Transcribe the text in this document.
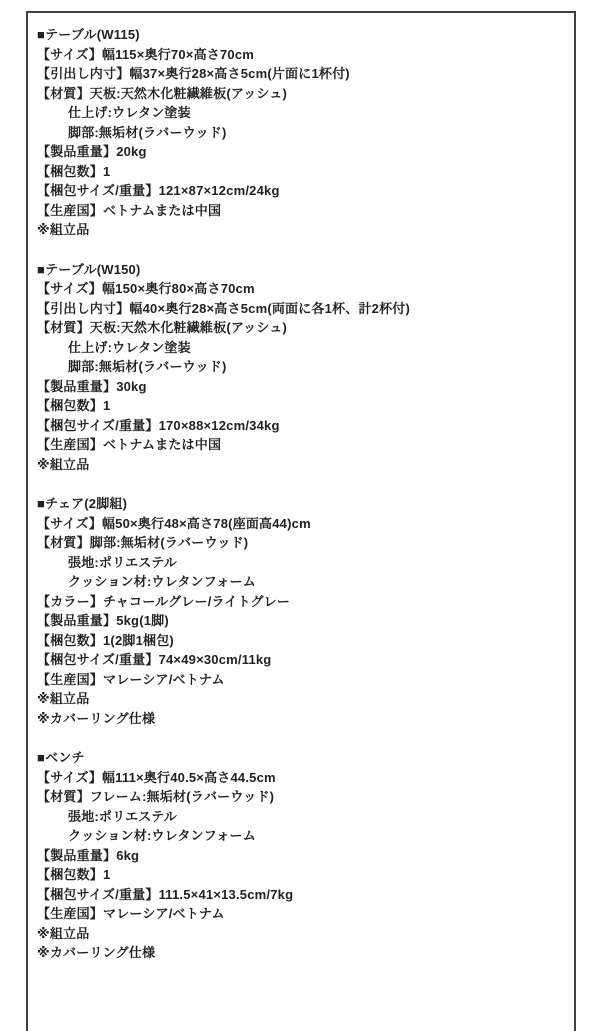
■テーブル(W115)
【サイズ】幅115×奥行70×高さ70cm
【引出し内寸】幅37×奥行28×高さ5cm(片面に1杯付)
【材質】天板:天然木化粧繊維板(アッシュ)
仕上げ:ウレタン塗装
脚部:無垢材(ラバーウッド)
【製品重量】20kg
【梱包数】1
【梱包サイズ/重量】121×87×12cm/24kg
【生産国】ベトナムまたは中国
※組立品
■テーブル(W150)
【サイズ】幅150×奥行80×高さ70cm
【引出し内寸】幅40×奥行28×高さ5cm(両面に各1杯、計2杯付)
【材質】天板:天然木化粧繊維板(アッシュ)
仕上げ:ウレタン塗装
脚部:無垢材(ラバーウッド)
【製品重量】30kg
【梱包数】1
【梱包サイズ/重量】170×88×12cm/34kg
【生産国】ベトナムまたは中国
※組立品
■チェア(2脚組)
【サイズ】幅50×奥行48×高さ78(座面高44)cm
【材質】脚部:無垢材(ラバーウッド)
張地:ポリエステル
クッション材:ウレタンフォーム
【カラー】チャコールグレー/ライトグレー
【製品重量】5kg(1脚)
【梱包数】1(2脚1梱包)
【梱包サイズ/重量】74×49×30cm/11kg
【生産国】マレーシア/ベトナム
※組立品
※カバーリング仕様
■ベンチ
【サイズ】幅111×奥行40.5×高さ44.5cm
【材質】フレーム:無垢材(ラバーウッド)
張地:ポリエステル
クッション材:ウレタンフォーム
【製品重量】6kg
【梱包数】1
【梱包サイズ/重量】111.5×41×13.5cm/7kg
【生産国】マレーシア/ベトナム
※組立品
※カバーリング仕様
